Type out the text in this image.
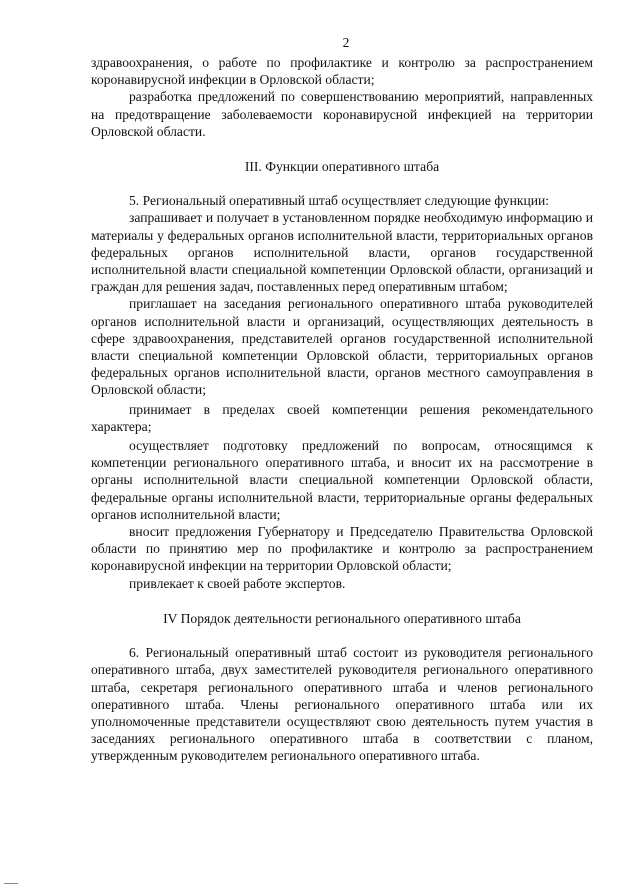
2

здравоохранения, о работе по профилактике и контролю за распространением коронавирусной инфекции в Орловской области;

разработка предложений по совершенствованию мероприятий, направленных на предотвращение заболеваемости коронавирусной инфекцией на территории Орловской области.

III. Функции оперативного штаба

5. Региональный оперативный штаб осуществляет следующие функции:

запрашивает и получает в установленном порядке необходимую информацию и материалы у федеральных органов исполнительной власти, территориальных органов федеральных органов исполнительной власти, органов государственной исполнительной власти специальной компетенции Орловской области, организаций и граждан для решения задач, поставленных перед оперативным штабом;

приглашает на заседания регионального оперативного штаба руководителей органов исполнительной власти и организаций, осуществляющих деятельность в сфере здравоохранения, представителей органов государственной исполнительной власти специальной компетенции Орловской области, территориальных органов федеральных органов исполнительной власти, органов местного самоуправления в Орловской области;

принимает в пределах своей компетенции решения рекомендательного характера;

осуществляет подготовку предложений по вопросам, относящимся к компетенции регионального оперативного штаба, и вносит их на рассмотрение в органы исполнительной власти специальной компетенции Орловской области, федеральные органы исполнительной власти, территориальные органы федеральных органов исполнительной власти;

вносит предложения Губернатору и Председателю Правительства Орловской области по принятию мер по профилактике и контролю за распространением коронавирусной инфекции на территории Орловской области;

привлекает к своей работе экспертов.

IV Порядок деятельности регионального оперативного штаба

6. Региональный оперативный штаб состоит из руководителя регионального оперативного штаба, двух заместителей руководителя регионального оперативного штаба, секретаря регионального оперативного штаба и членов регионального оперативного штаба. Члены регионального оперативного штаба или их уполномоченные представители осуществляют свою деятельность путем участия в заседаниях регионального оперативного штаба в соответствии с планом, утвержденным руководителем регионального оперативного штаба.
